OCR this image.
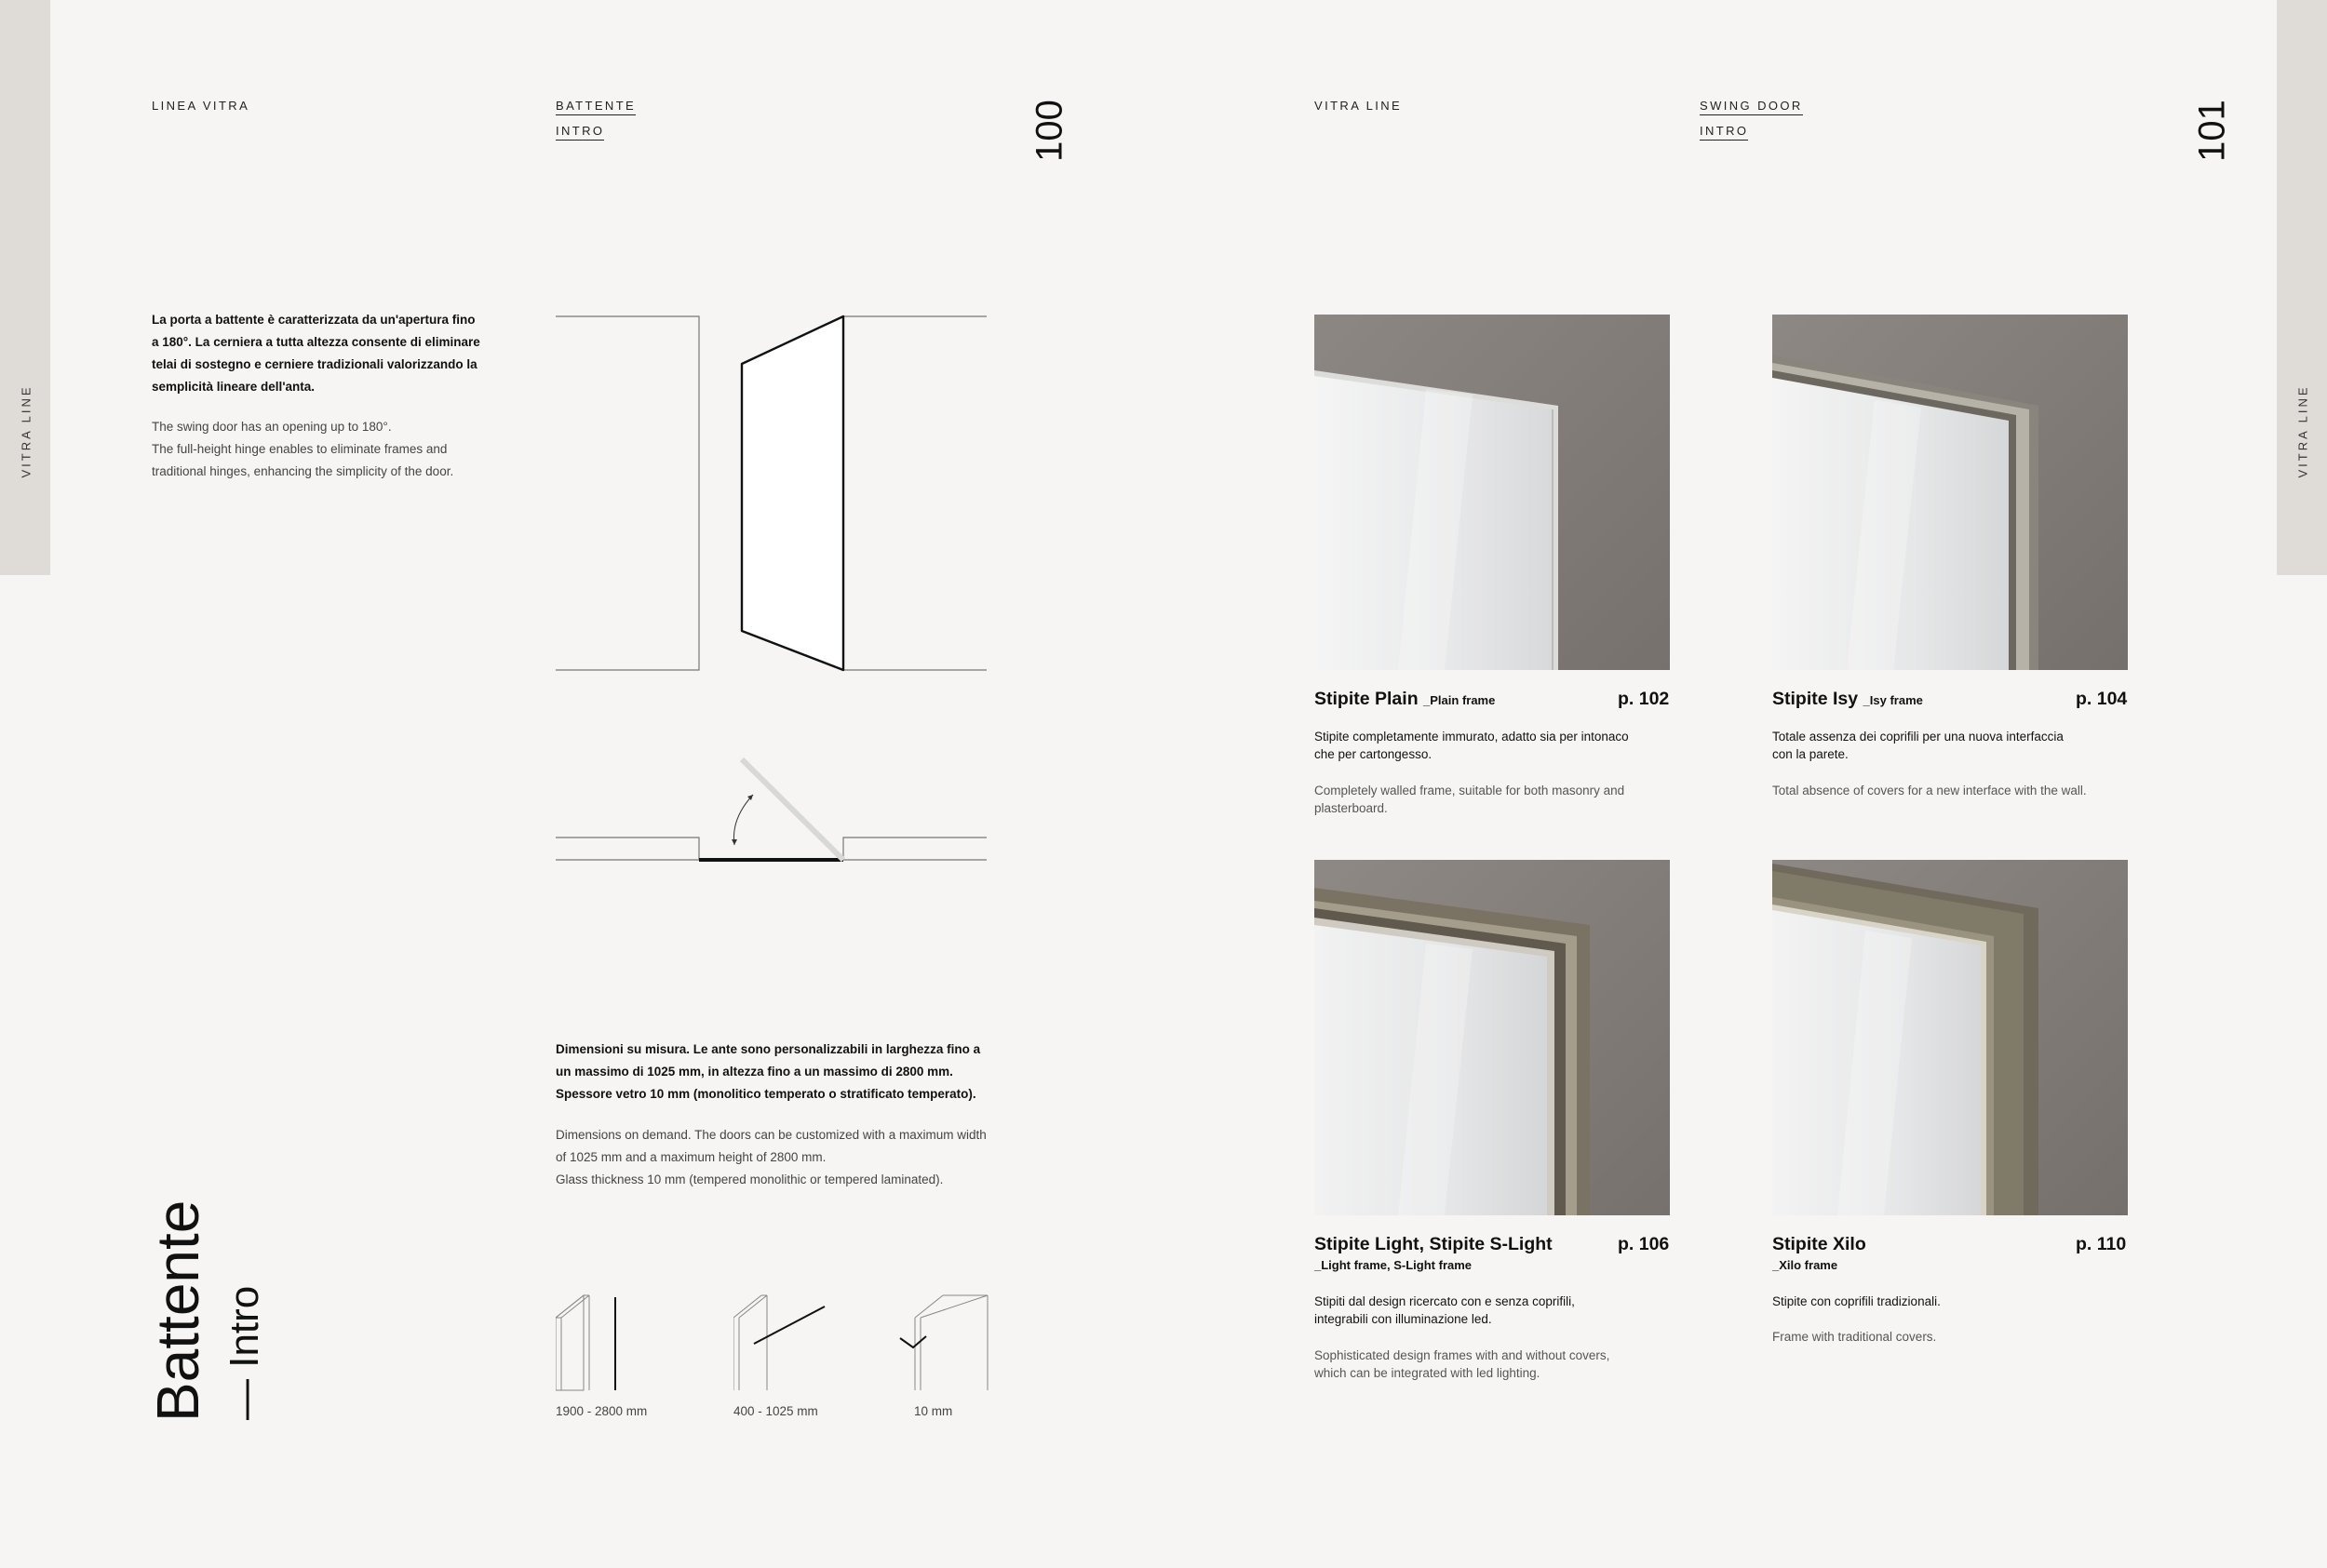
VITRA LINE
LINEA VITRA	BATTENTE
INTRO	100
La porta a battente è caratterizzata da un'apertura fino
a 180°. La cerniera a tutta altezza consente di eliminare
telai di sostegno e cerniere tradizionali valorizzando la
semplicità lineare dell'anta.
The swing door has an opening up to 180°.
The full-height hinge enables to eliminate frames and
traditional hinges, enhancing the simplicity of the door.
Dimensioni su misura. Le ante sono personalizzabili in larghezza fino a
un massimo di 1025 mm, in altezza fino a un massimo di 2800 mm.
Spessore vetro 10 mm (monolitico temperato o stratificato temperato).
Dimensions on demand. The doors can be customized with a maximum width
of 1025 mm and a maximum height of 2800 mm.
Glass thickness 10 mm (tempered monolithic or tempered laminated).
1900 - 2800 mm	400 - 1025 mm	10 mm
Battente — Intro
VITRA LINE
VITRA LINE	SWING DOOR
INTRO	101
Stipite Plain _Plain frame	p. 102
Stipite completamente immurato, adatto sia per intonaco
che per cartongesso.
Completely walled frame, suitable for both masonry and
plasterboard.
Stipite Isy _Isy frame	p. 104
Totale assenza dei coprifili per una nuova interfaccia
con la parete.
Total absence of covers for a new interface with the wall.
Stipite Light, Stipite S-Light
_Light frame, S-Light frame
p. 106
Stipiti dal design ricercato con e senza coprifili,
integrabili con illuminazione led.
Sophisticated design frames with and without covers,
which can be integrated with led lighting.
Stipite Xilo
_Xilo frame
p. 110
Stipite con coprifili tradizionali.
Frame with traditional covers.
